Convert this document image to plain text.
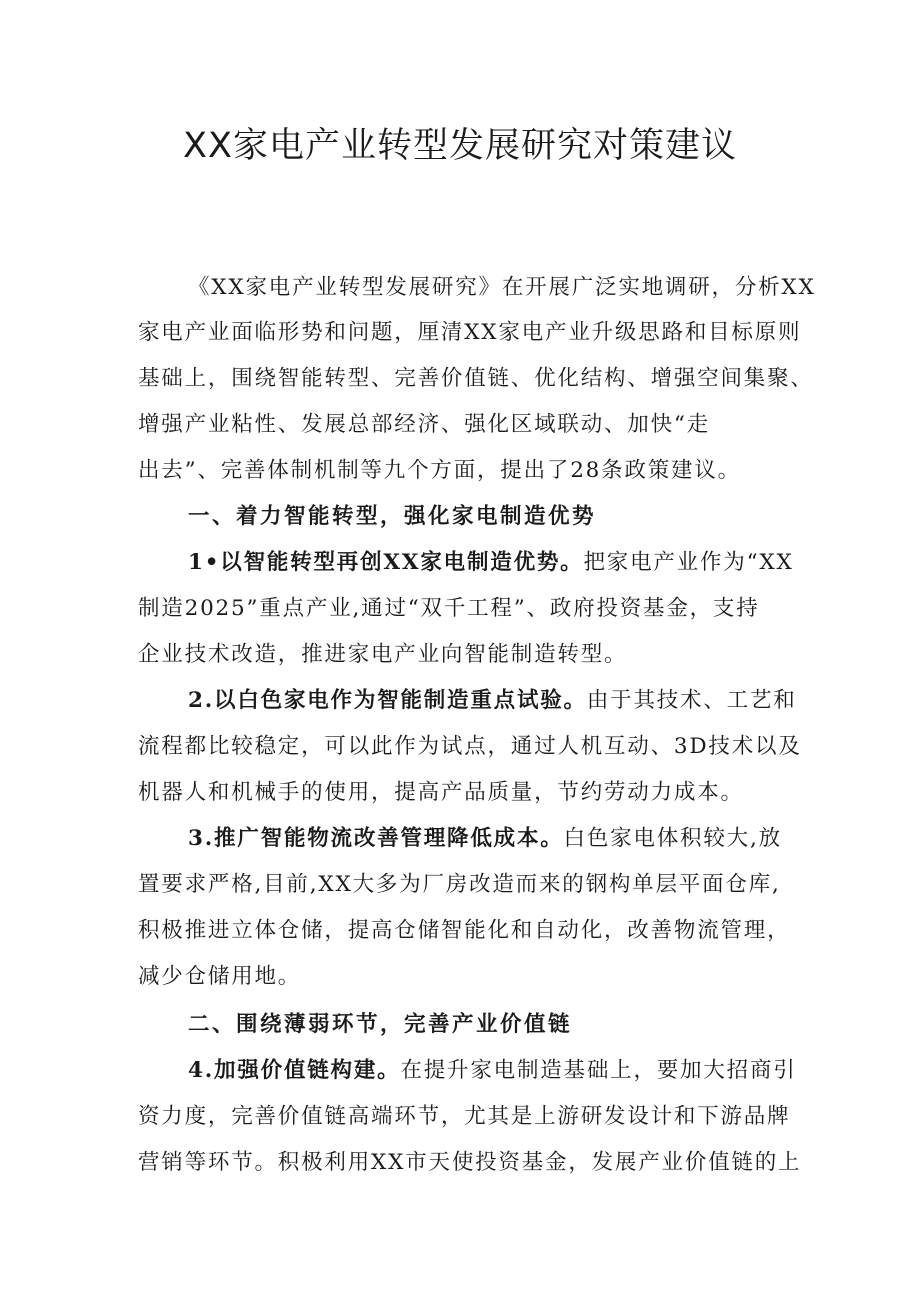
XX家电产业转型发展研究对策建议

《XX家电产业转型发展研究》在开展广泛实地调研，分析XX

家电产业面临形势和问题，厘清XX家电产业升级思路和目标原则

基础上，围绕智能转型、完善价值链、优化结构、增强空间集聚、

增强产业粘性、发展总部经济、强化区域联动、加快“走

出去”、完善体制机制等九个方面，提出了28条政策建议。

一、着力智能转型，强化家电制造优势

1•以智能转型再创XX家电制造优势。把家电产业作为“XX

制造2025”重点产业,通过“双千工程”、政府投资基金，支持

企业技术改造，推进家电产业向智能制造转型。

2.以白色家电作为智能制造重点试验。由于其技术、工艺和

流程都比较稳定，可以此作为试点，通过人机互动、3D技术以及

机器人和机械手的使用，提高产品质量，节约劳动力成本。

3.推广智能物流改善管理降低成本。白色家电体积较大,放

置要求严格,目前,XX大多为厂房改造而来的钢构单层平面仓库,

积极推进立体仓储，提高仓储智能化和自动化，改善物流管理，

减少仓储用地。

二、围绕薄弱环节，完善产业价值链

4.加强价值链构建。在提升家电制造基础上，要加大招商引

资力度，完善价值链高端环节，尤其是上游研发设计和下游品牌

营销等环节。积极利用XX市天使投资基金，发展产业价值链的上
